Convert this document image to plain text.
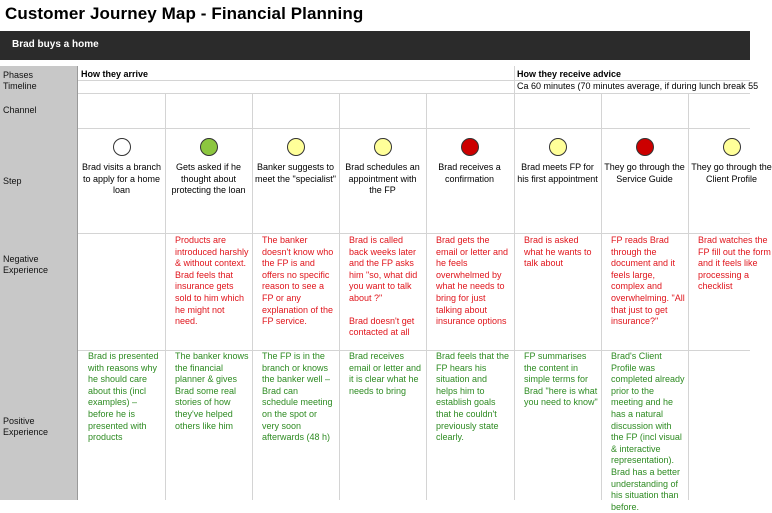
Customer Journey Map - Financial Planning
Brad buys a home
Phases
Timeline
Channel
Step
Negative Experience
Positive Experience
How they arrive	How they receive advice
Ca 60 minutes (70 minutes average, if during lunch break 55
Brad visits a branch to apply for a home loan
Brad is presented with reasons why he should care about this (incl examples) – before he is presented with products
Gets asked if he thought about protecting the loan
Products are introduced harshly & without context. Brad feels that insurance gets sold to him which he might not need.
The banker knows the financial planner & gives Brad some real stories of how they've helped others like him
Banker suggests to meet the "specialist"
The banker doesn't know who the FP is and offers no specific reason to see a FP or any explanation of the FP service.
The FP is in the branch or knows the banker well – Brad can schedule meeting on the spot or very soon afterwards (48 h)
Brad schedules an appointment with the FP
Brad is called back weeks later and the FP asks him "so, what did you want to talk about ?"
Brad doesn't get contacted at all
Brad receives email or letter and it is clear what he needs to bring
Brad receives a confirmation
Brad gets the email or letter and he feels overwhelmed by what he needs to bring for just talking about insurance options
Brad feels that the FP hears his situation and helps him to establish goals that he couldn't previously state clearly.
Brad meets FP for his first appointment
Brad is asked what he wants to talk about
FP summarises the content in simple terms for Brad "here is what you need to know"
They go through the Service Guide
FP reads Brad through the document and it feels large, complex and overwhelming. "All that just to get insurance?"
Brad's Client Profile was completed already prior to the meeting and he has a natural discussion with the FP (incl visual & interactive representation). Brad has a better understanding of his situation than before.
They go through the Client Profile
Brad watches the FP fill out the form and it feels like processing a checklist
